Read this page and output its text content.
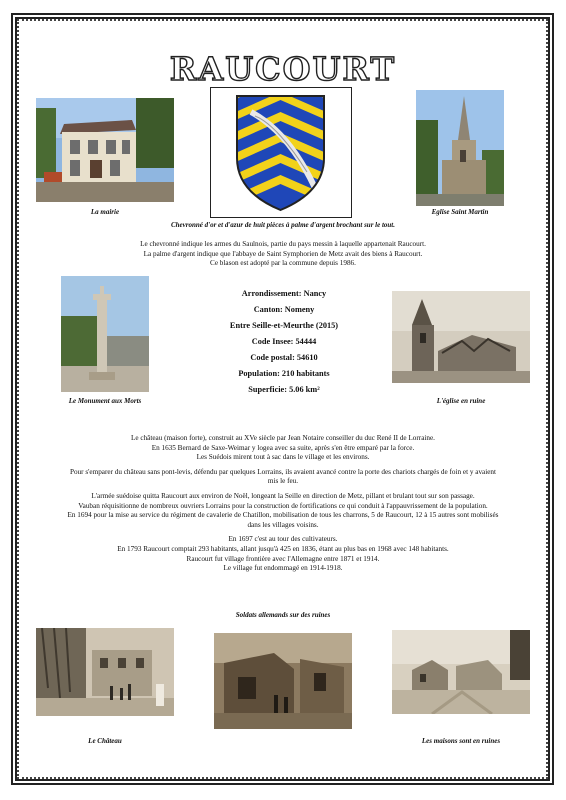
RAUCOURT
La mairie	Eglise Saint Martin
Chevronné d'or et d'azur de huit pièces à palme d'argent brochant sur le tout.
Le chevronné indique les armes du Saulnois, partie du pays messin à laquelle appartenait Raucourt.
La palme d'argent indique que l'abbaye de Saint Symphorien de Metz avait des biens à Raucourt.
Ce blason est adopté par la commune depuis 1986.
Le Monument aux Morts
Arrondissement: Nancy
Canton: Nomeny
Entre Seille-et-Meurthe (2015)
Code Insee: 54444
Code postal: 54610
Population: 210 habitants
Superficie: 5.06 km²
L'église en ruine
Le château (maison forte), construit au XVe siècle par Jean Notaire conseiller du duc René II de Lorraine.
En 1635 Bernard de Saxe-Weimar y logea avec sa suite, après s'en être emparé par la force.
Les Suédois mirent tout à sac dans le village et les environs.
Pour s'emparer du château sans pont-levis, défendu par quelques Lorrains, ils avaient avancé contre la porte des chariots chargés de foin et y avaient
mis le feu.
L'armée suédoise quitta Raucourt aux environ de Noël, longeant la Seille en direction de Metz, pillant et brulant tout sur son passage.
Vauban réquisitionne de nombreux ouvriers Lorrains pour la construction de fortifications ce qui conduit à l'appauvrissement de la population.
En 1694 pour la mise au service du régiment de cavalerie de Chatillon, mobilisation de tous les charrons, 5 de Raucourt, 12 à 15 autres sont mobilisés
dans les villages voisins.
En 1697 c'est au tour des cultivateurs.
En 1793 Raucourt comptait 293 habitants, allant jusqu'à 425 en 1836, étant au plus bas en 1968 avec 148 habitants.
Raucourt fut village frontière avec l'Allemagne entre 1871 et 1914.
Le village fut endommagé en 1914-1918.
Soldats allemands sur des ruines
Le Château	Les maisons sont en ruines
